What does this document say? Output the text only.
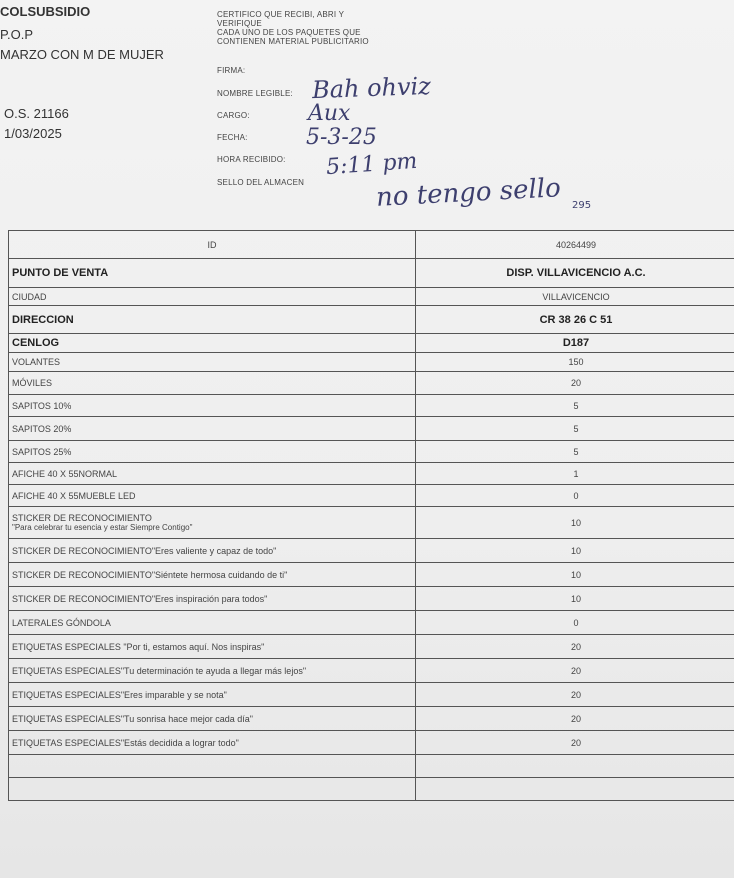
COLSUBSIDIO
P.O.P
MARZO CON M DE MUJER
O.S. 21166
1/03/2025
CERTIFICO QUE RECIBI, ABRI Y
VERIFIQUE
CADA UNO DE LOS PAQUETES QUE
CONTIENEN MATERIAL PUBLICITARIO
FIRMA:
NOMBRE LEGIBLE:
CARGO:
FECHA:
HORA RECIBIDO:
SELLO DEL ALMACEN
Bah ohviz
Aux
5-3-25
5:11 pm
no tengo sello 295
ID	40264499
PUNTO DE VENTA	DISP. VILLAVICENCIO A.C.
CIUDAD	VILLAVICENCIO
DIRECCION	CR 38 26 C 51
CENLOG	D187
VOLANTES	150
MÓVILES	20
SAPITOS 10%	5
SAPITOS 20%	5
SAPITOS 25%	5
AFICHE 40 X 55NORMAL	1
AFICHE 40 X 55MUEBLE LED	0
STICKER DE RECONOCIMIENTO
"Para celebrar tu esencia y estar Siempre Contigo"	10
STICKER DE RECONOCIMIENTO"Eres valiente y capaz de todo"	10
STICKER DE RECONOCIMIENTO"Siéntete hermosa cuidando de ti"	10
STICKER DE RECONOCIMIENTO"Eres inspiración para todos"	10
LATERALES GÓNDOLA	0
ETIQUETAS ESPECIALES "Por ti, estamos aquí. Nos inspiras"	20
ETIQUETAS ESPECIALES"Tu determinación te ayuda a llegar más lejos"	20
ETIQUETAS ESPECIALES"Eres imparable y se nota"	20
ETIQUETAS ESPECIALES"Tu sonrisa hace mejor cada día"	20
ETIQUETAS ESPECIALES"Estás decidida a lograr todo"	20
